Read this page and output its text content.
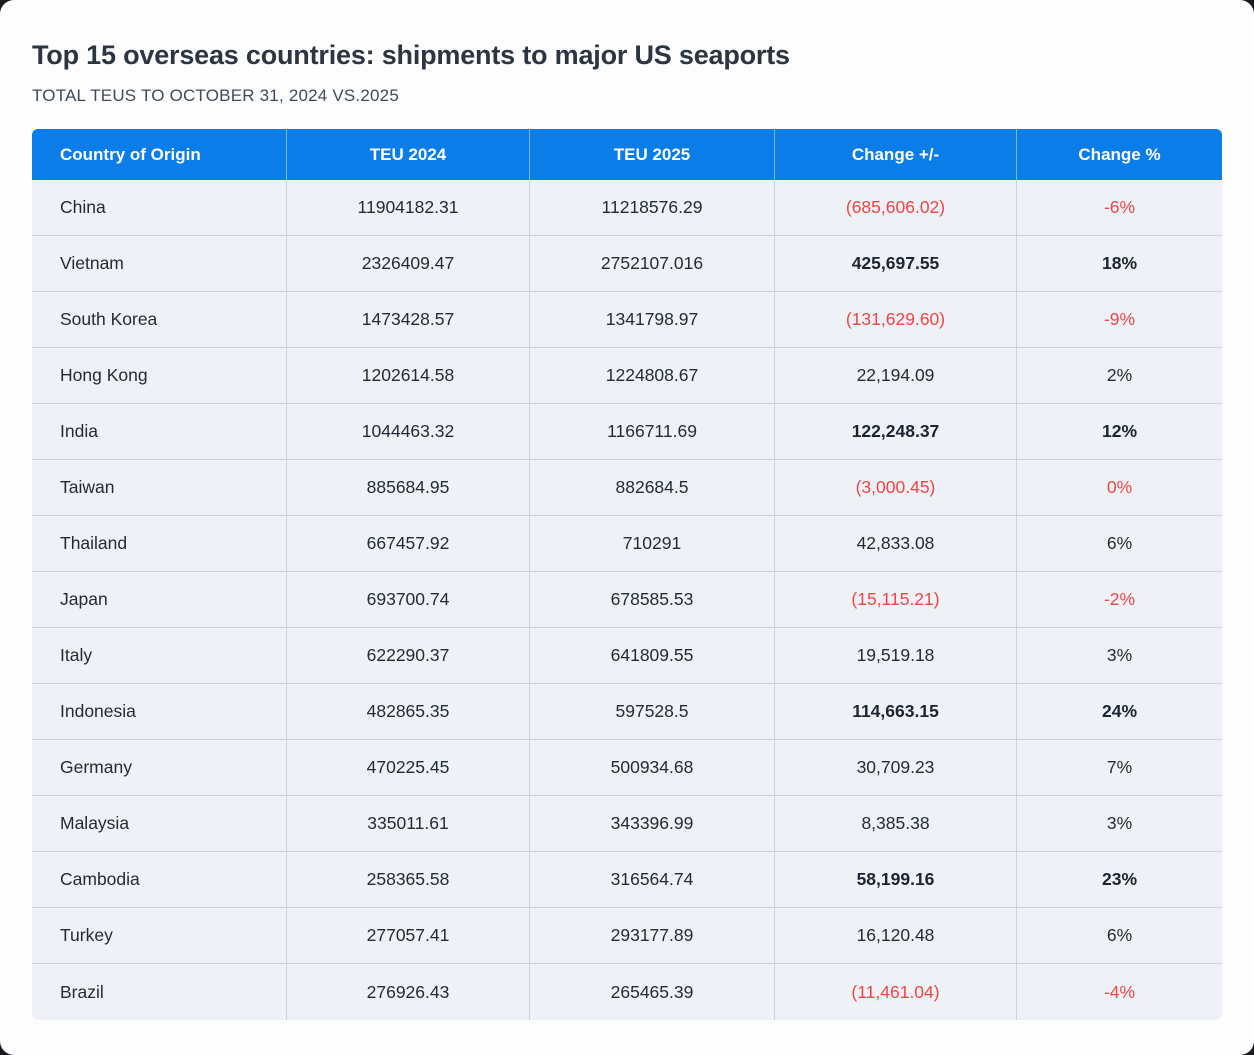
Top 15 overseas countries: shipments to major US seaports
TOTAL TEUS TO OCTOBER 31, 2024 VS.2025
Country of Origin	TEU 2024	TEU 2025	Change +/-	Change %
China	11904182.31	11218576.29	(685,606.02)	-6%
Vietnam	2326409.47	2752107.016	425,697.55	18%
South Korea	1473428.57	1341798.97	(131,629.60)	-9%
Hong Kong	1202614.58	1224808.67	22,194.09	2%
India	1044463.32	1166711.69	122,248.37	12%
Taiwan	885684.95	882684.5	(3,000.45)	0%
Thailand	667457.92	710291	42,833.08	6%
Japan	693700.74	678585.53	(15,115.21)	-2%
Italy	622290.37	641809.55	19,519.18	3%
Indonesia	482865.35	597528.5	114,663.15	24%
Germany	470225.45	500934.68	30,709.23	7%
Malaysia	335011.61	343396.99	8,385.38	3%
Cambodia	258365.58	316564.74	58,199.16	23%
Turkey	277057.41	293177.89	16,120.48	6%
Brazil	276926.43	265465.39	(11,461.04)	-4%
